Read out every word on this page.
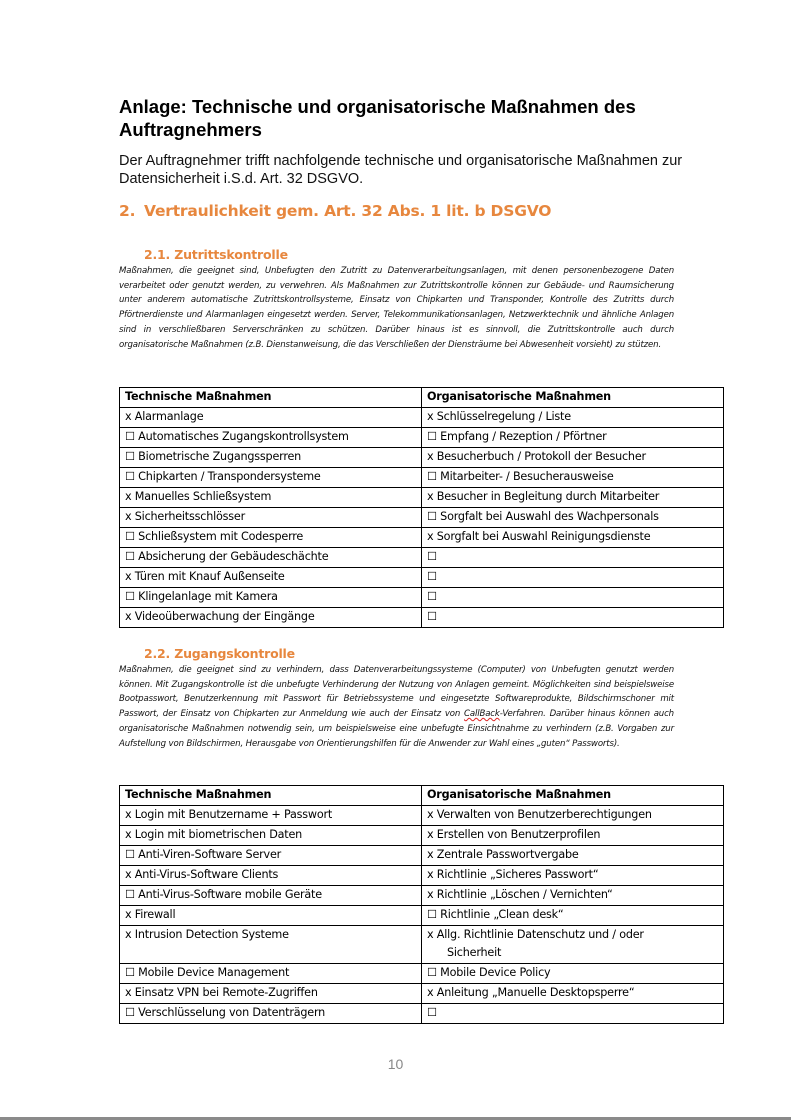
Anlage: Technische und organisatorische Maßnahmen des Auftragnehmers
Der Auftragnehmer trifft nachfolgende technische und organisatorische Maßnahmen zur Datensicherheit i.S.d. Art. 32 DSGVO.
2. Vertraulichkeit gem. Art. 32 Abs. 1 lit. b DSGVO
2.1. Zutrittskontrolle
Maßnahmen, die geeignet sind, Unbefugten den Zutritt zu Datenverarbeitungsanlagen, mit denen personenbezogene Daten verarbeitet oder genutzt werden, zu verwehren. Als Maßnahmen zur Zutrittskontrolle können zur Gebäude- und Raumsicherung unter anderem automatische Zutrittskontrollsysteme, Einsatz von Chipkarten und Transponder, Kontrolle des Zutritts durch Pförtnerdienste und Alarmanlagen eingesetzt werden. Server, Telekommunikationsanlagen, Netzwerktechnik und ähnliche Anlagen sind in verschließbaren Serverschränken zu schützen. Darüber hinaus ist es sinnvoll, die Zutrittskontrolle auch durch organisatorische Maßnahmen (z.B. Dienstanweisung, die das Verschließen der Diensträume bei Abwesenheit vorsieht) zu stützen.
Technische Maßnahmen	Organisatorische Maßnahmen
x Alarmanlage	x Schlüsselregelung / Liste
☐ Automatisches Zugangskontrollsystem	☐ Empfang / Rezeption / Pförtner
☐ Biometrische Zugangssperren	x Besucherbuch / Protokoll der Besucher
☐ Chipkarten / Transpondersysteme	☐ Mitarbeiter- / Besucherausweise
x Manuelles Schließsystem	x Besucher in Begleitung durch Mitarbeiter
x Sicherheitsschlösser	☐ Sorgfalt bei Auswahl des Wachpersonals
☐ Schließsystem mit Codesperre	x Sorgfalt bei Auswahl Reinigungsdienste
☐ Absicherung der Gebäudeschächte	☐
x Türen mit Knauf Außenseite	☐
☐ Klingelanlage mit Kamera	☐
x Videoüberwachung der Eingänge	☐
2.2. Zugangskontrolle
Maßnahmen, die geeignet sind zu verhindern, dass Datenverarbeitungssysteme (Computer) von Unbefugten genutzt werden können. Mit Zugangskontrolle ist die unbefugte Verhinderung der Nutzung von Anlagen gemeint. Möglichkeiten sind beispielsweise Bootpasswort, Benutzerkennung mit Passwort für Betriebssysteme und eingesetzte Softwareprodukte, Bildschirmschoner mit Passwort, der Einsatz von Chipkarten zur Anmeldung wie auch der Einsatz von CallBack-Verfahren. Darüber hinaus können auch organisatorische Maßnahmen notwendig sein, um beispielsweise eine unbefugte Einsichtnahme zu verhindern (z.B. Vorgaben zur Aufstellung von Bildschirmen, Herausgabe von Orientierungshilfen für die Anwender zur Wahl eines „guten“ Passworts).
Technische Maßnahmen	Organisatorische Maßnahmen
x Login mit Benutzername + Passwort	x Verwalten von Benutzerberechtigungen
x Login mit biometrischen Daten	x Erstellen von Benutzerprofilen
☐ Anti-Viren-Software Server	x Zentrale Passwortvergabe
x Anti-Virus-Software Clients	x Richtlinie „Sicheres Passwort“
☐ Anti-Virus-Software mobile Geräte	x Richtlinie „Löschen / Vernichten“
x Firewall	☐ Richtlinie „Clean desk“
x Intrusion Detection Systeme	x Allg. Richtlinie Datenschutz und / oder
Sicherheit

☐ Mobile Device Management	☐ Mobile Device Policy
x Einsatz VPN bei Remote-Zugriffen	x Anleitung „Manuelle Desktopsperre“
☐ Verschlüsselung von Datenträgern	☐
10
